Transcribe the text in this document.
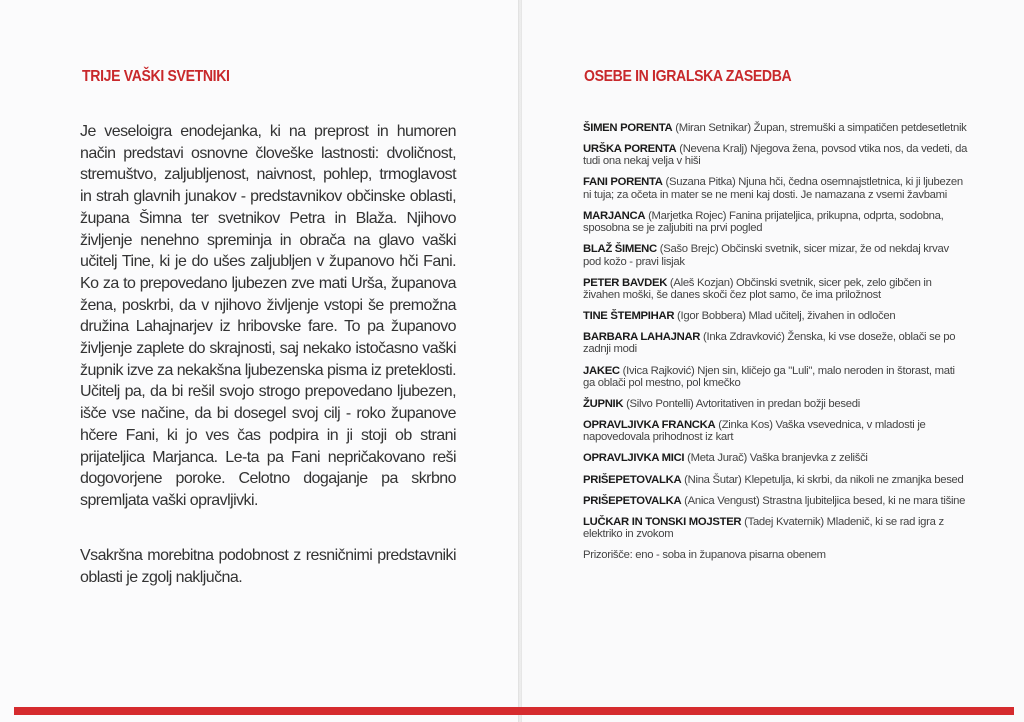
TRIJE VAŠKI SVETNIKI

Je veseloigra enodejanka, ki na preprost in humoren način predstavi osnovne človeške lastnosti: dvoličnost, stremuštvo, zaljubljenost, naivnost, pohlep, trmoglavost in strah glavnih junakov - predstavnikov občinske oblasti, župana Šimna ter svetnikov Petra in Blaža. Njihovo življenje nenehno spreminja in obrača na glavo vaški učitelj Tine, ki je do ušes zaljubljen v županovo hči Fani. Ko za to prepovedano ljubezen zve mati Urša, županova žena, poskrbi, da v njihovo življenje vstopi še premožna družina Lahajnarjev iz hribovske fare. To pa županovo življenje zaplete do skrajnosti, saj nekako istočasno vaški župnik izve za nekakšna ljubezenska pisma iz preteklosti. Učitelj pa, da bi rešil svojo strogo prepovedano ljubezen, išče vse načine, da bi dosegel svoj cilj - roko županove hčere Fani, ki jo ves čas podpira in ji stoji ob strani prijateljica Marjanca. Le-ta pa Fani nepričakovano reši dogovorjene poroke. Celotno dogajanje pa skrbno spremljata vaški opravljivki.

Vsakršna morebitna podobnost z resničnimi predstavniki oblasti je zgolj naključna.

OSEBE IN IGRALSKA ZASEDBA
ŠIMEN PORENTA (Miran Setnikar) Župan, stremuški a simpatičen petdesetletnik
URŠKA PORENTA (Nevena Kralj) Njegova žena, povsod vtika nos, da vedeti, da tudi ona nekaj velja v hiši
FANI PORENTA (Suzana Pitka) Njuna hči, čedna osemnajstletnica, ki ji ljubezen ni tuja; za očeta in mater se ne meni kaj dosti. Je namazana z vsemi žavbami
MARJANCA (Marjetka Rojec) Fanina prijateljica, prikupna, odprta, sodobna, sposobna se je zaljubiti na prvi pogled
BLAŽ ŠIMENC (Sašo Brejc) Občinski svetnik, sicer mizar, že od nekdaj krvav pod kožo - pravi lisjak
PETER BAVDEK (Aleš Kozjan) Občinski svetnik, sicer pek, zelo gibčen in živahen moški, še danes skoči čez plot samo, če ima priložnost
TINE ŠTEMPIHAR (Igor Bobbera) Mlad učitelj, živahen in odločen
BARBARA LAHAJNAR (Inka Zdravković) Ženska, ki vse doseže, oblači se po zadnji modi
JAKEC (Ivica Rajković) Njen sin, kličejo ga "Luli", malo neroden in štorast, mati ga oblači pol mestno, pol kmečko
ŽUPNIK (Silvo Pontelli) Avtoritativen in predan božji besedi
OPRAVLJIVKA FRANCKA (Zinka Kos) Vaška vsevednica, v mladosti je napovedovala prihodnost iz kart
OPRAVLJIVKA MICI (Meta Jurač) Vaška branjevka z zelišči
PRIŠEPETOVALKA (Nina Šutar) Klepetulja, ki skrbi, da nikoli ne zmanjka besed
PRIŠEPETOVALKA (Anica Vengust) Strastna ljubiteljica besed, ki ne mara tišine
LUČKAR IN TONSKI MOJSTER (Tadej Kvaternik) Mladenič, ki se rad igra z elektriko in zvokom
Prizorišče: eno - soba in županova pisarna obenem
